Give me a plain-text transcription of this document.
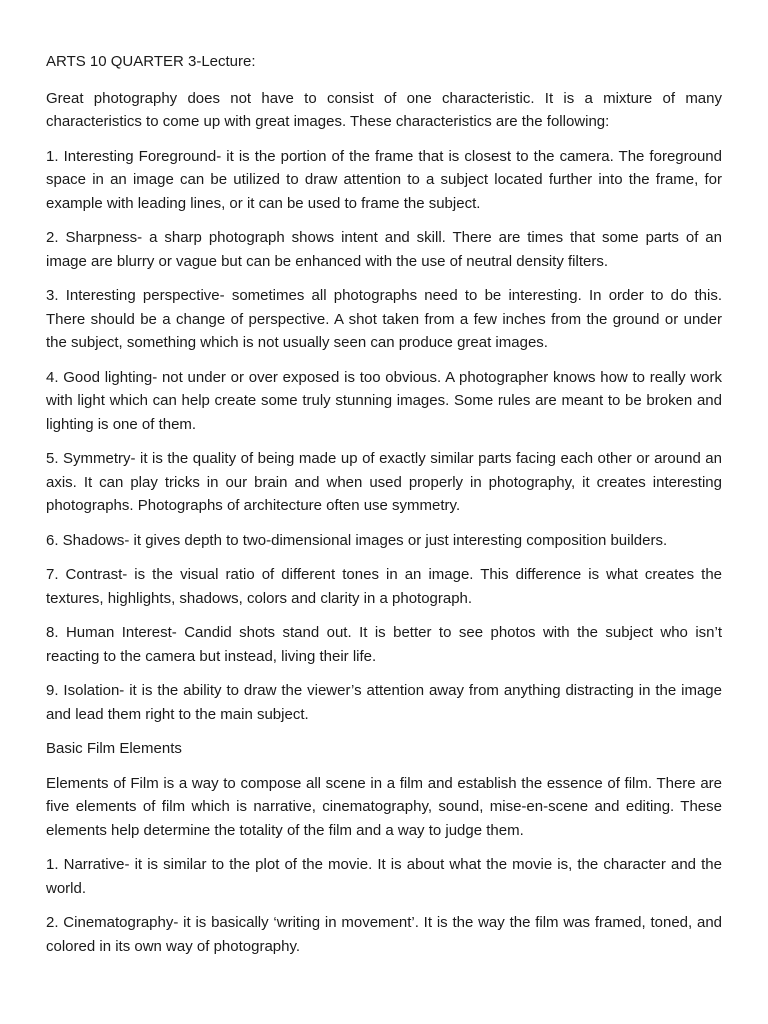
ARTS 10 QUARTER 3-Lecture:

Great photography does not have to consist of one characteristic. It is a mixture of many characteristics to come up with great images. These characteristics are the following:

1. Interesting Foreground- it is the portion of the frame that is closest to the camera. The foreground space in an image can be utilized to draw attention to a subject located further into the frame, for example with leading lines, or it can be used to frame the subject.

2. Sharpness- a sharp photograph shows intent and skill. There are times that some parts of an image are blurry or vague but can be enhanced with the use of neutral density filters.

3. Interesting perspective- sometimes all photographs need to be interesting. In order to do this. There should be a change of perspective. A shot taken from a few inches from the ground or under the subject, something which is not usually seen can produce great images.

4. Good lighting- not under or over exposed is too obvious. A photographer knows how to really work with light which can help create some truly stunning images. Some rules are meant to be broken and lighting is one of them.

5. Symmetry- it is the quality of being made up of exactly similar parts facing each other or around an axis. It can play tricks in our brain and when used properly in photography, it creates interesting photographs. Photographs of architecture often use symmetry.

6. Shadows- it gives depth to two-dimensional images or just interesting composition builders.

7. Contrast- is the visual ratio of different tones in an image. This difference is what creates the textures, highlights, shadows, colors and clarity in a photograph.

8. Human Interest- Candid shots stand out. It is better to see photos with the subject who isn’t reacting to the camera but instead, living their life.

9. Isolation- it is the ability to draw the viewer’s attention away from anything distracting in the image and lead them right to the main subject.

Basic Film Elements

Elements of Film is a way to compose all scene in a film and establish the essence of film. There are five elements of film which is narrative, cinematography, sound, mise-en-scene and editing. These elements help determine the totality of the film and a way to judge them.

1. Narrative- it is similar to the plot of the movie. It is about what the movie is, the character and the world.

2. Cinematography- it is basically ‘writing in movement’. It is the way the film was framed, toned, and colored in its own way of photography.
